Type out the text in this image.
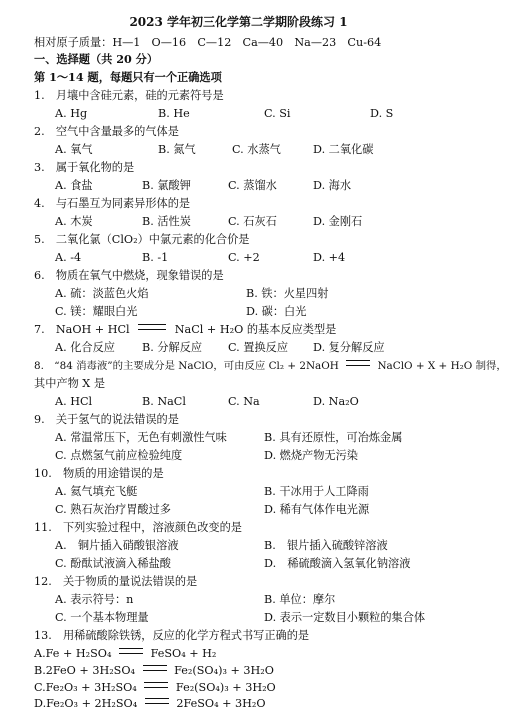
2023 学年初三化学第二学期阶段练习 1
相对原子质量：H—1　O—16　C—12　Ca—40　Na—23　Cu-64
一、选择题（共 20 分）
第 1～14 题，每题只有一个正确选项
1.　月壤中含硅元素，硅的元素符号是
A. Hg	B. He	C. Si	D. S
2.　空气中含量最多的气体是
A. 氧气	B. 氮气	C. 水蒸气	D. 二氧化碳
3.　属于氧化物的是
A. 食盐	B. 氯酸钾	C. 蒸馏水	D. 海水
4.　与石墨互为同素异形体的是
A. 木炭	B. 活性炭	C. 石灰石	D. 金刚石
5.　二氧化氯（ClO₂）中氯元素的化合价是
A. -4	B. -1	C. +2	D. +4
6.　物质在氧气中燃烧，现象错误的是
A. 硫：淡蓝色火焰	B. 铁：火星四射
C. 镁：耀眼白光	D. 碳：白光
7.　NaOH + HCl	NaCl + H₂O 的基本反应类型是
A. 化合反应 B. 分解反应 C. 置换反应 D. 复分解反应
8.　“84 消毒液”的主要成分是 NaClO，可由反应 Cl₂ + 2NaOH	NaClO + X + H₂O 制得，
其中产物 X 是
A. HCl	B. NaCl	C. Na	D. Na₂O
9.　关于氢气的说法错误的是
A. 常温常压下，无色有刺激性气味	B. 具有还原性，可冶炼金属
C. 点燃氢气前应检验纯度	D. 燃烧产物无污染
10.　物质的用途错误的是
A. 氦气填充飞艇	B. 干冰用于人工降雨
C. 熟石灰治疗胃酸过多	D. 稀有气体作电光源
11.　下列实验过程中，溶液颜色改变的是
A.　铜片插入硝酸银溶液	B.　银片插入硫酸锌溶液
C. 酚酞试液滴入稀盐酸	D.　稀硫酸滴入氢氧化钠溶液
12.　关于物质的量说法错误的是
A. 表示符号：n	B. 单位：摩尔
C. 一个基本物理量	D. 表示一定数目小颗粒的集合体
13.　用稀硫酸除铁锈，反应的化学方程式书写正确的是
A.Fe + H₂SO₄	FeSO₄ + H₂
B.2FeO + 3H₂SO₄	Fe₂(SO₄)₃ + 3H₂O
C.Fe₂O₃ + 3H₂SO₄	Fe₂(SO₄)₃ + 3H₂O
D.Fe₂O₃ + 2H₂SO₄	2FeSO₄ + 3H₂O
